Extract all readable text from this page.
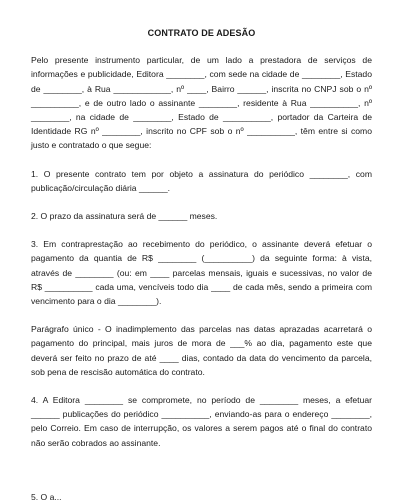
CONTRATO DE ADESÃO

Pelo presente instrumento particular, de um lado a prestadora de serviços de informações e publicidade, Editora ________, com sede na cidade de ________, Estado de ________, à Rua ____________, nº ____, Bairro ______, inscrita no CNPJ sob o nº __________, e de outro lado o assinante ________, residente à Rua __________, nº ________, na cidade de ________, Estado de __________, portador da Carteira de Identidade RG nº ________, inscrito no CPF sob o nº __________, têm entre si como justo e contratado o que segue:

1. O presente contrato tem por objeto a assinatura do periódico ________, com publicação/circulação diária ______.

2. O prazo da assinatura será de ______ meses.

3. Em contraprestação ao recebimento do periódico, o assinante deverá efetuar o pagamento da quantia de R$ ________ (__________) da seguinte forma: à vista, através de ________ (ou: em ____ parcelas mensais, iguais e sucessivas, no valor de R$ __________ cada uma, vencíveis todo dia ____ de cada mês, sendo a primeira com vencimento para o dia ________).

Parágrafo único - O inadimplemento das parcelas nas datas aprazadas acarretará o pagamento do principal, mais juros de mora de ___% ao dia, pagamento este que deverá ser feito no prazo de até ____ dias, contado da data do vencimento da parcela, sob pena de rescisão automática do contrato.

4. A Editora ________ se compromete, no período de ________ meses, a efetuar ______ publicações do periódico __________, enviando-as para o endereço ________, pelo Correio. Em caso de interrupção, os valores a serem pagos até o final do contrato não serão cobrados ao assinante.

5. O a...
